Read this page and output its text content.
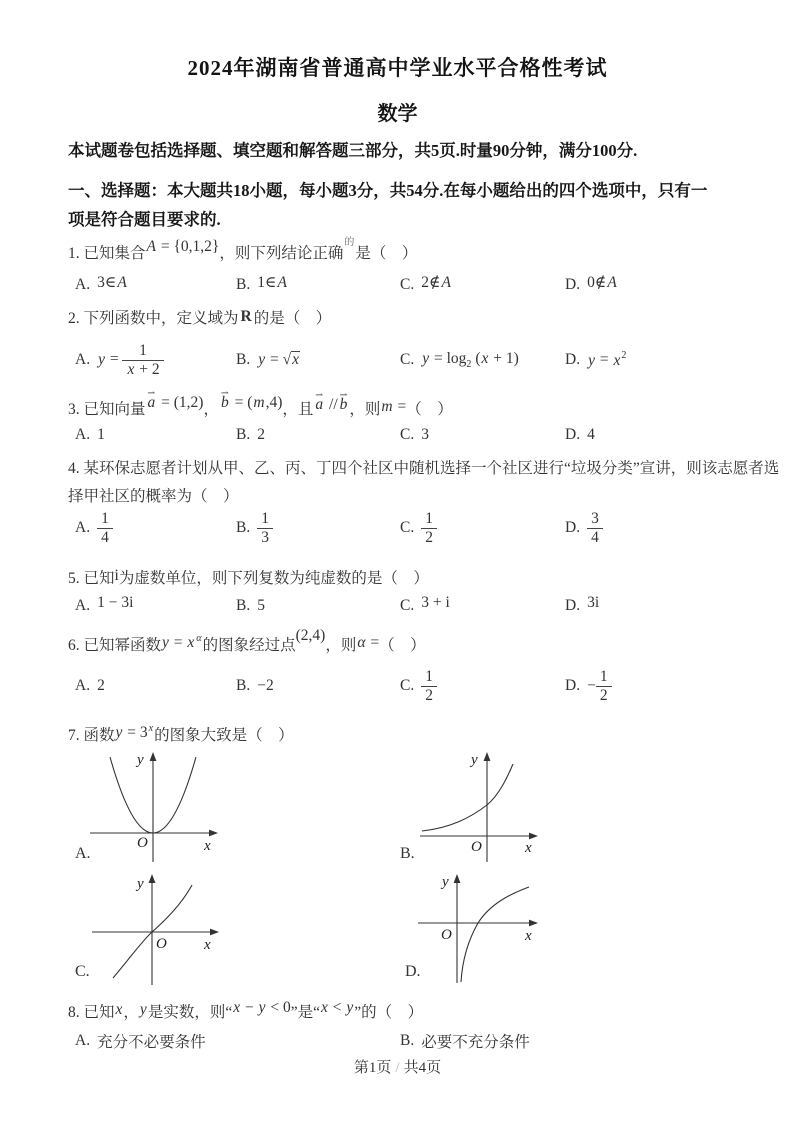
2024年湖南省普通高中学业水平合格性考试
数学
本试题卷包括选择题、填空题和解答题三部分，共5页.时量90分钟，满分100分.
一、选择题：本大题共18小题，每小题3分，共54分.在每小题给出的四个选项中，只有一
项是符合题目要求的.
1. 已知集合A = {0,1,2}，则下列结论正确$^的$是（　）
A. 3∈A	B. 1∈A	C. 2∉A	D. 0∉A
2. 下列函数中，定义域为 R 的是（　）
A. $y = \frac{1}{x + 2}$	B. y = √ x	C. $y = \log_2 (x + 1)$	D. $y = x^2$
3. 已知向量 ⇀ a = (1,2)， ⇀ b = (m,4)，且 ⇀ a // ⇀ b ，则m =（　）
A. 1	B. 2	C. 3	D. 4
4. 某环保志愿者计划从甲、乙、丙、丁四个社区中随机选择一个社区进行“垃圾分类”宣讲，则该志愿者选
择甲社区的概率为（　）
A. $\frac{1}{4}$	B. $\frac{1}{3}$	C. $\frac{1}{2}$	D. $\frac{3}{4}$
5. 已知i为虚数单位，则下列复数为纯虚数的是（　）
A. 1 − 3i	B. 5	C. 3 + i	D. 3i
6. 已知幂函数y = x $^\alpha$的图象经过点(2,4)，则α =（　）
A. 2	B. −2	C. $\frac{1}{2}$	D. − $\frac{1}{2}$
7. 函数$y = 3^x$的图象大致是（　）
O	x
y
A.	O	x
y
B.
O x
y
C.
O	x
y
D.
8. 已知x，y是实数，则“x − y < 0”是“x < y”的（　）
A. 充分不必要条件	B. 必要不充分条件
第1页 / 共4页
